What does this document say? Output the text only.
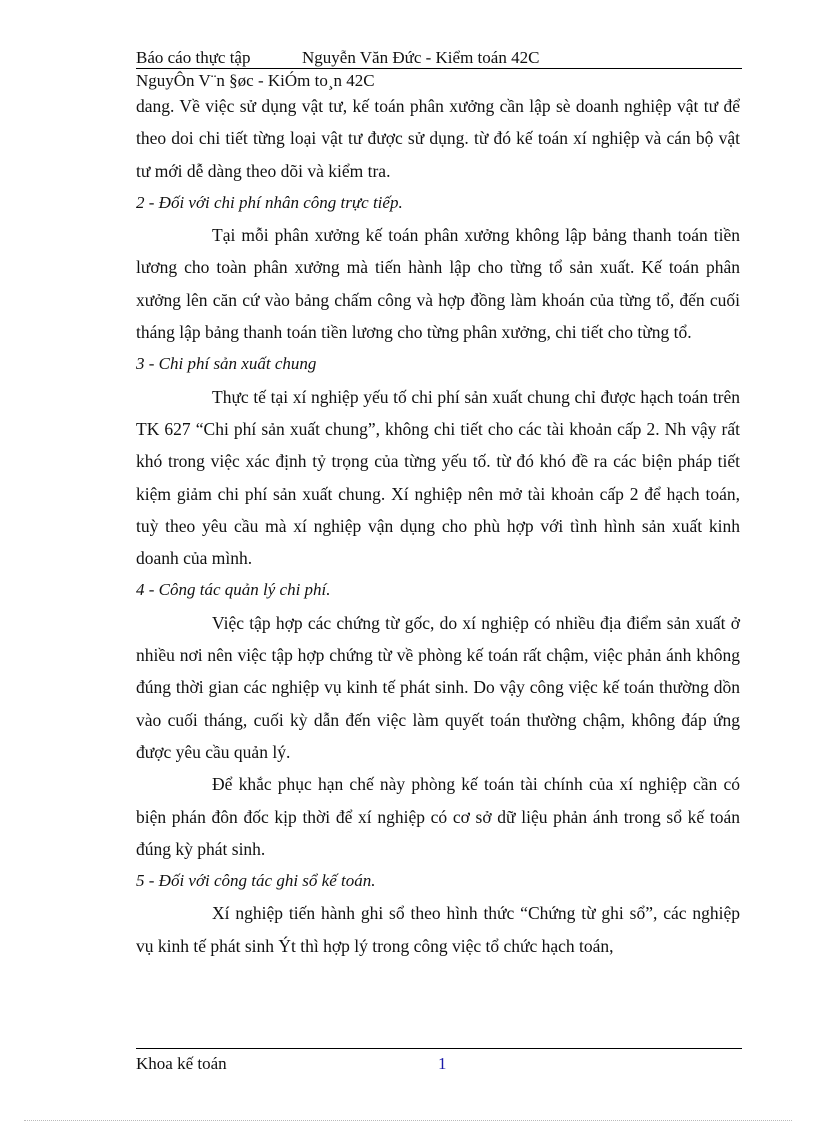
Báo cáo thực tập	Nguyễn Văn Đức - Kiểm toán 42C
NguyÔn V¨n §øc - KiÓm to¸n 42C

dang. Về việc sử dụng vật tư, kế toán phân xưởng cần lập sè doanh nghiệp vật tư để theo doi chi tiết từng loại vật tư được sử dụng. từ đó kế toán xí nghiệp và cán bộ vật tư mới dễ dàng theo dõi và kiểm tra.

2 - Đối với chi phí nhân công trực tiếp.

Tại mỗi phân xưởng kế toán phân xưởng không lập bảng thanh toán tiền lương cho toàn phân xưởng mà tiến hành lập cho từng tổ sản xuất. Kế toán phân xưởng lên căn cứ vào bảng chấm công và hợp đồng làm khoán của từng tổ, đến cuối tháng lập bảng thanh toán tiền lương cho từng phân xưởng, chi tiết cho từng tổ.

3 - Chi phí sản xuất chung

Thực tế tại xí nghiệp yếu tố chi phí sản xuất chung chỉ được hạch toán trên TK 627 “Chi phí sản xuất chung”, không chi tiết cho các tài khoản cấp 2. Nh vậy rất khó trong việc xác định tỷ trọng của từng yếu tố. từ đó khó đề ra các biện pháp tiết kiệm giảm chi phí sản xuất chung. Xí nghiệp nên mở tài khoản cấp 2 để hạch toán, tuỳ theo yêu cầu mà xí nghiệp vận dụng cho phù hợp với tình hình sản xuất kinh doanh của mình.

4 - Công tác quản lý chi phí.

Việc tập hợp các chứng từ gốc, do xí nghiệp có nhiều địa điểm sản xuất ở nhiều nơi nên việc tập hợp chứng từ về phòng kế toán rất chậm, việc phản ánh không đúng thời gian các nghiệp vụ kinh tế phát sinh. Do vậy công việc kế toán thường dồn vào cuối tháng, cuối kỳ dẫn đến việc làm quyết toán thường chậm, không đáp ứng được yêu cầu quản lý.

Để khắc phục hạn chế này phòng kế toán tài chính của xí nghiệp cần có biện phán đôn đốc kịp thời để xí nghiệp có cơ sở dữ liệu phản ánh trong sổ kế toán đúng kỳ phát sinh.

5 - Đối với công tác ghi sổ kế toán.

Xí nghiệp tiến hành ghi sổ theo hình thức “Chứng từ ghi sổ”, các nghiệp vụ kinh tế phát sinh Ýt thì hợp lý trong công việc tổ chức hạch toán,

Khoa kế toán	1
